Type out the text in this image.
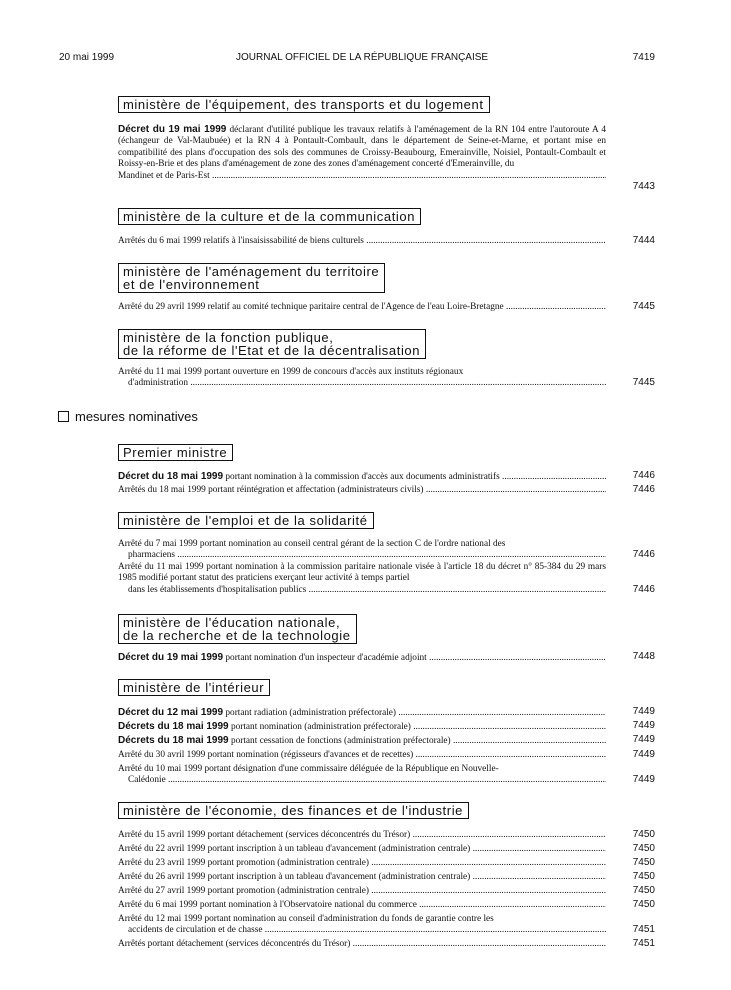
20 mai 1999	JOURNAL OFFICIEL DE LA RÉPUBLIQUE FRANÇAISE	7419
ministère de l'équipement, des transports et du logement
Décret du 19 mai 1999 déclarant d'utilité publique les travaux relatifs à l'aménagement de la RN 104 entre l'autoroute A 4 (échangeur de Val-Maubuée) et la RN 4 à Pontault-Combault, dans le département de Seine-et-Marne, et portant mise en compatibilité des plans d'occupation des sols des communes de Croissy-Beaubourg, Emerainville, Noisiel, Pontault-Combault et Roissy-en-Brie et des plans d'aménagement de zone des zones d'aménagement concerté d'Emerainville, du
Mandinet et de Paris-Est .....
7443
ministère de la culture et de la communication
Arrêtés du 6 mai 1999 relatifs à l'insaisissabilité de biens culturels .....	7444
ministère de l'aménagement du territoire
et de l'environnement
Arrêté du 29 avril 1999 relatif au comité technique paritaire central de l'Agence de l'eau Loire-Bretagne .....	7445
ministère de la fonction publique,
de la réforme de l'Etat et de la décentralisation
Arrêté du 11 mai 1999 portant ouverture en 1999 de concours d'accès aux instituts régionaux
d'administration .....	7445
mesures nominatives
Premier ministre
Décret du 18 mai 1999 portant nomination à la commission d'accès aux documents administratifs .....	7446
Arrêtés du 18 mai 1999 portant réintégration et affectation (administrateurs civils) .....	7446
ministère de l'emploi et de la solidarité
Arrêté du 7 mai 1999 portant nomination au conseil central gérant de la section C de l'ordre national des
pharmaciens .....	7446
Arrêté du 11 mai 1999 portant nomination à la commission paritaire nationale visée à l'article 18 du décret n° 85-384 du 29 mars 1985 modifié portant statut des praticiens exerçant leur activité à temps partiel
dans les établissements d'hospitalisation publics .....	7446
ministère de l'éducation nationale,
de la recherche et de la technologie
Décret du 19 mai 1999 portant nomination d'un inspecteur d'académie adjoint .....	7448
ministère de l'intérieur
Décret du 12 mai 1999 portant radiation (administration préfectorale) .....	7449
Décrets du 18 mai 1999 portant nomination (administration préfectorale) .....	7449
Décrets du 18 mai 1999 portant cessation de fonctions (administration préfectorale) .....	7449
Arrêté du 30 avril 1999 portant nomination (régisseurs d'avances et de recettes) .....	7449
Arrêté du 10 mai 1999 portant désignation d'une commissaire déléguée de la République en Nouvelle-
Calédonie .....	7449
ministère de l'économie, des finances et de l'industrie
Arrêté du 15 avril 1999 portant détachement (services déconcentrés du Trésor) .....	7450
Arrêté du 22 avril 1999 portant inscription à un tableau d'avancement (administration centrale) .....	7450
Arrêté du 23 avril 1999 portant promotion (administration centrale) .....	7450
Arrêté du 26 avril 1999 portant inscription à un tableau d'avancement (administration centrale) .....	7450
Arrêté du 27 avril 1999 portant promotion (administration centrale) .....	7450
Arrêté du 6 mai 1999 portant nomination à l'Observatoire national du commerce .....	7450
Arrêté du 12 mai 1999 portant nomination au conseil d'administration du fonds de garantie contre les
accidents de circulation et de chasse .....	7451
Arrêtés portant détachement (services déconcentrés du Trésor) .....	7451
